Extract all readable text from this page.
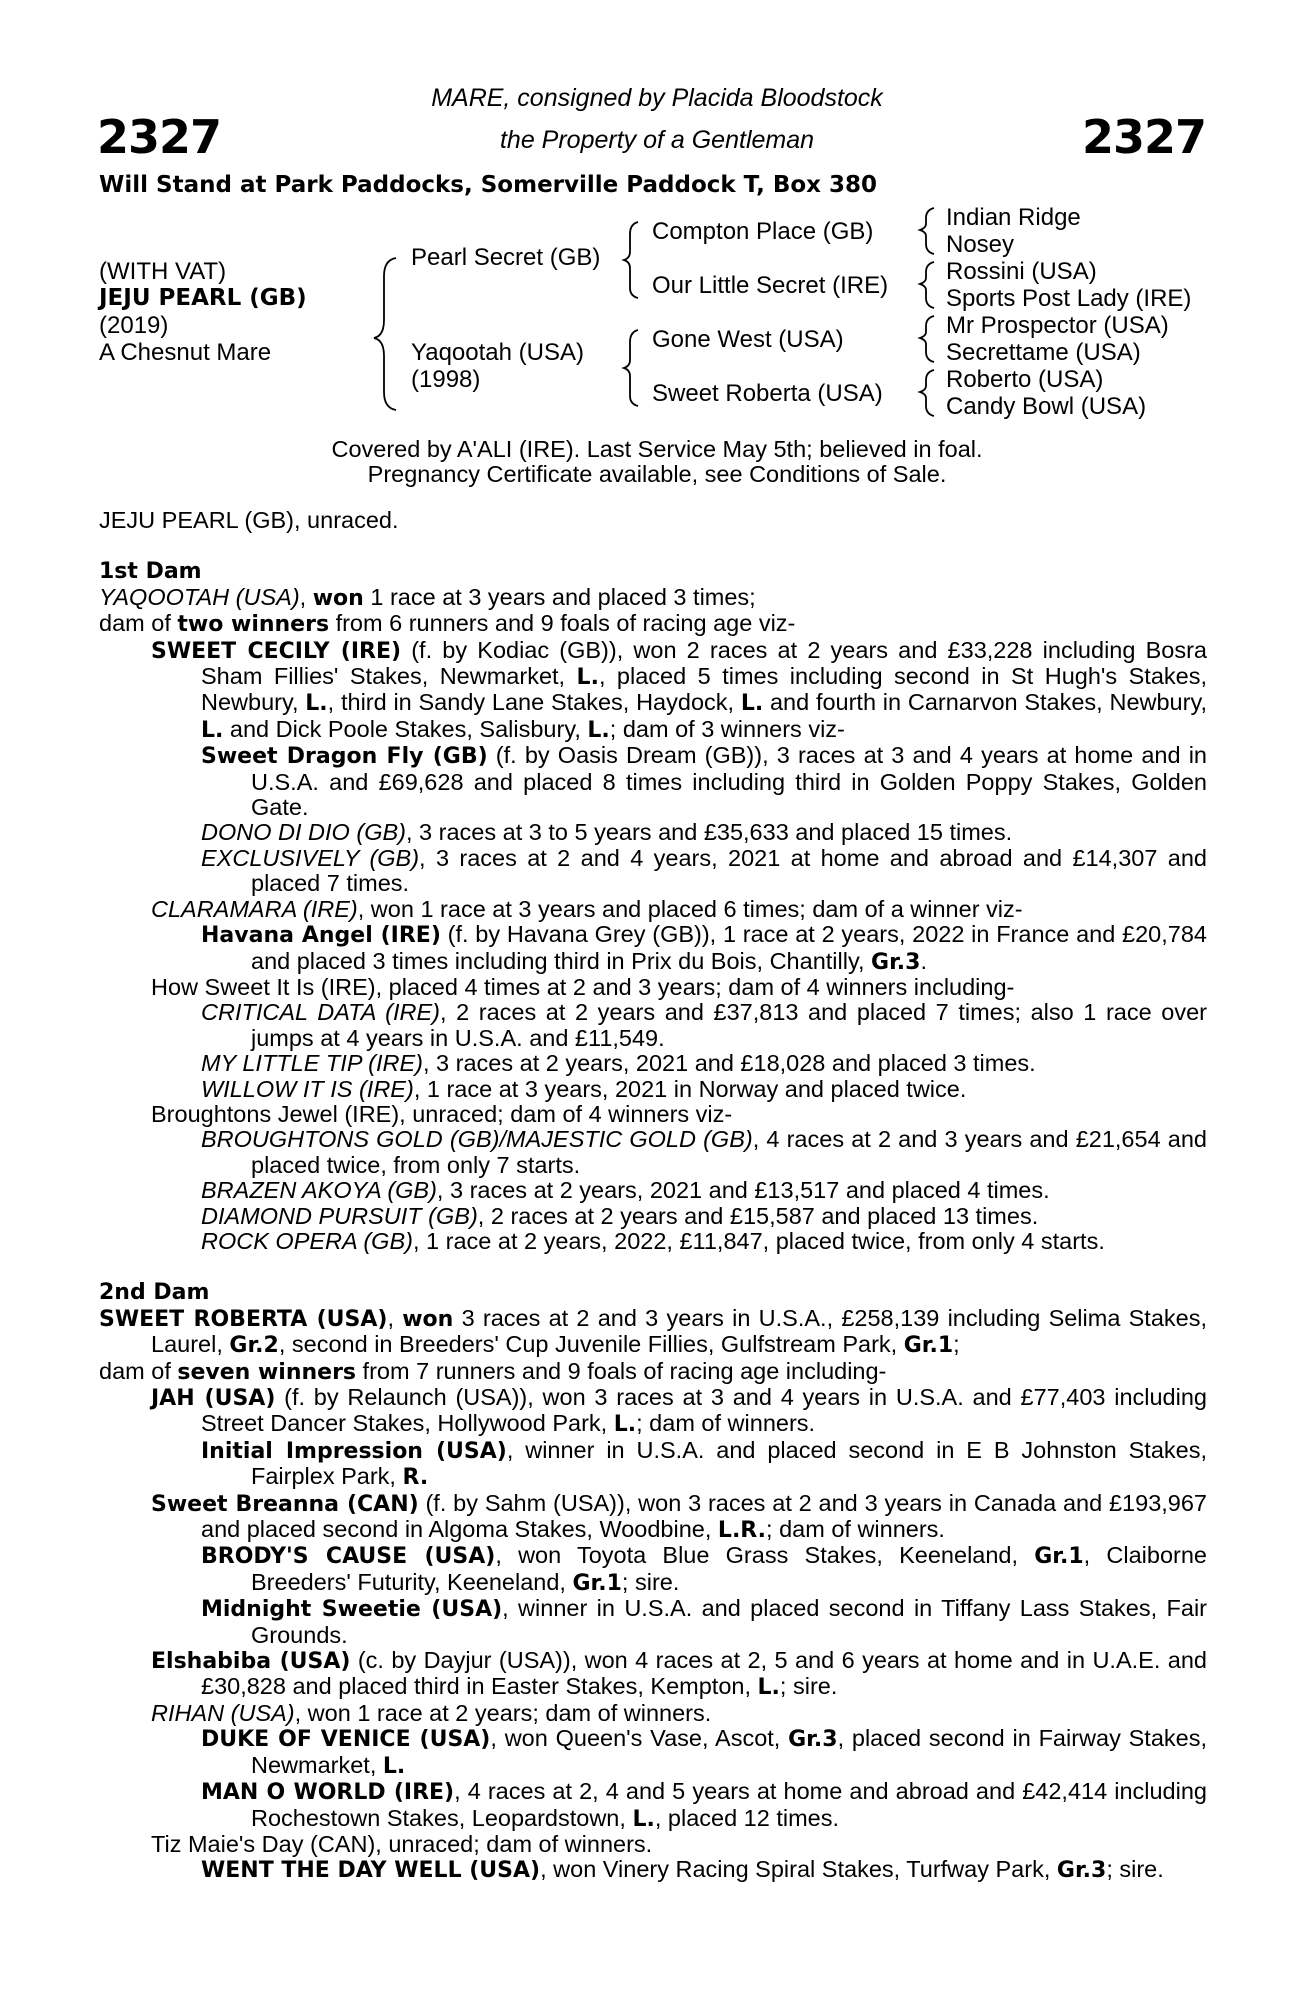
2327	2327
MARE, consigned by Placida Bloodstock
the Property of a Gentleman
Will Stand at Park Paddocks, Somerville Paddock T, Box 380
(WITH VAT)
JEJU PEARL (GB)
(2019)
A Chesnut Mare
Pearl Secret (GB)
Yaqootah (USA)
(1998)
Compton Place (GB)
Our Little Secret (IRE)
Gone West (USA)
Sweet Roberta (USA)
Indian Ridge
Nosey
Rossini (USA)
Sports Post Lady (IRE)
Mr Prospector (USA)
Secrettame (USA)
Roberto (USA)
Candy Bowl (USA)
Covered by A'ALI (IRE). Last Service May 5th; believed in foal.
Pregnancy Certificate available, see Conditions of Sale.

JEJU PEARL (GB), unraced.

1st Dam

YAQOOTAH (USA), won 1 race at 3 years and placed 3 times;

dam of two winners from 6 runners and 9 foals of racing age viz-

SWEET CECILY (IRE) (f. by Kodiac (GB)), won 2 races at 2 years and £33,228 including Bosra Sham Fillies' Stakes, Newmarket, L., placed 5 times including second in St Hugh's Stakes, Newbury, L., third in Sandy Lane Stakes, Haydock, L. and fourth in Carnarvon Stakes, Newbury, L. and Dick Poole Stakes, Salisbury, L.; dam of 3 winners viz-

Sweet Dragon Fly (GB) (f. by Oasis Dream (GB)), 3 races at 3 and 4 years at home and in U.S.A. and £69,628 and placed 8 times including third in Golden Poppy Stakes, Golden Gate.

DONO DI DIO (GB), 3 races at 3 to 5 years and £35,633 and placed 15 times.

EXCLUSIVELY (GB), 3 races at 2 and 4 years, 2021 at home and abroad and £14,307 and placed 7 times.

CLARAMARA (IRE), won 1 race at 3 years and placed 6 times; dam of a winner viz-

Havana Angel (IRE) (f. by Havana Grey (GB)), 1 race at 2 years, 2022 in France and £20,784 and placed 3 times including third in Prix du Bois, Chantilly, Gr.3.

How Sweet It Is (IRE), placed 4 times at 2 and 3 years; dam of 4 winners including-

CRITICAL DATA (IRE), 2 races at 2 years and £37,813 and placed 7 times; also 1 race over jumps at 4 years in U.S.A. and £11,549.

MY LITTLE TIP (IRE), 3 races at 2 years, 2021 and £18,028 and placed 3 times.

WILLOW IT IS (IRE), 1 race at 3 years, 2021 in Norway and placed twice.

Broughtons Jewel (IRE), unraced; dam of 4 winners viz-

BROUGHTONS GOLD (GB)/MAJESTIC GOLD (GB), 4 races at 2 and 3 years and £21,654 and placed twice, from only 7 starts.

BRAZEN AKOYA (GB), 3 races at 2 years, 2021 and £13,517 and placed 4 times.

DIAMOND PURSUIT (GB), 2 races at 2 years and £15,587 and placed 13 times.

ROCK OPERA (GB), 1 race at 2 years, 2022, £11,847, placed twice, from only 4 starts.

2nd Dam

SWEET ROBERTA (USA), won 3 races at 2 and 3 years in U.S.A., £258,139 including Selima Stakes, Laurel, Gr.2, second in Breeders' Cup Juvenile Fillies, Gulfstream Park, Gr.1;

dam of seven winners from 7 runners and 9 foals of racing age including-

JAH (USA) (f. by Relaunch (USA)), won 3 races at 3 and 4 years in U.S.A. and £77,403 including Street Dancer Stakes, Hollywood Park, L.; dam of winners.

Initial Impression (USA), winner in U.S.A. and placed second in E B Johnston Stakes, Fairplex Park, R.

Sweet Breanna (CAN) (f. by Sahm (USA)), won 3 races at 2 and 3 years in Canada and £193,967 and placed second in Algoma Stakes, Woodbine, L.R.; dam of winners.

BRODY'S CAUSE (USA), won Toyota Blue Grass Stakes, Keeneland, Gr.1, Claiborne Breeders' Futurity, Keeneland, Gr.1; sire.

Midnight Sweetie (USA), winner in U.S.A. and placed second in Tiffany Lass Stakes, Fair Grounds.

Elshabiba (USA) (c. by Dayjur (USA)), won 4 races at 2, 5 and 6 years at home and in U.A.E. and £30,828 and placed third in Easter Stakes, Kempton, L.; sire.

RIHAN (USA), won 1 race at 2 years; dam of winners.

DUKE OF VENICE (USA), won Queen's Vase, Ascot, Gr.3, placed second in Fairway Stakes, Newmarket, L.

MAN O WORLD (IRE), 4 races at 2, 4 and 5 years at home and abroad and £42,414 including Rochestown Stakes, Leopardstown, L., placed 12 times.

Tiz Maie's Day (CAN), unraced; dam of winners.

WENT THE DAY WELL (USA), won Vinery Racing Spiral Stakes, Turfway Park, Gr.3; sire.
